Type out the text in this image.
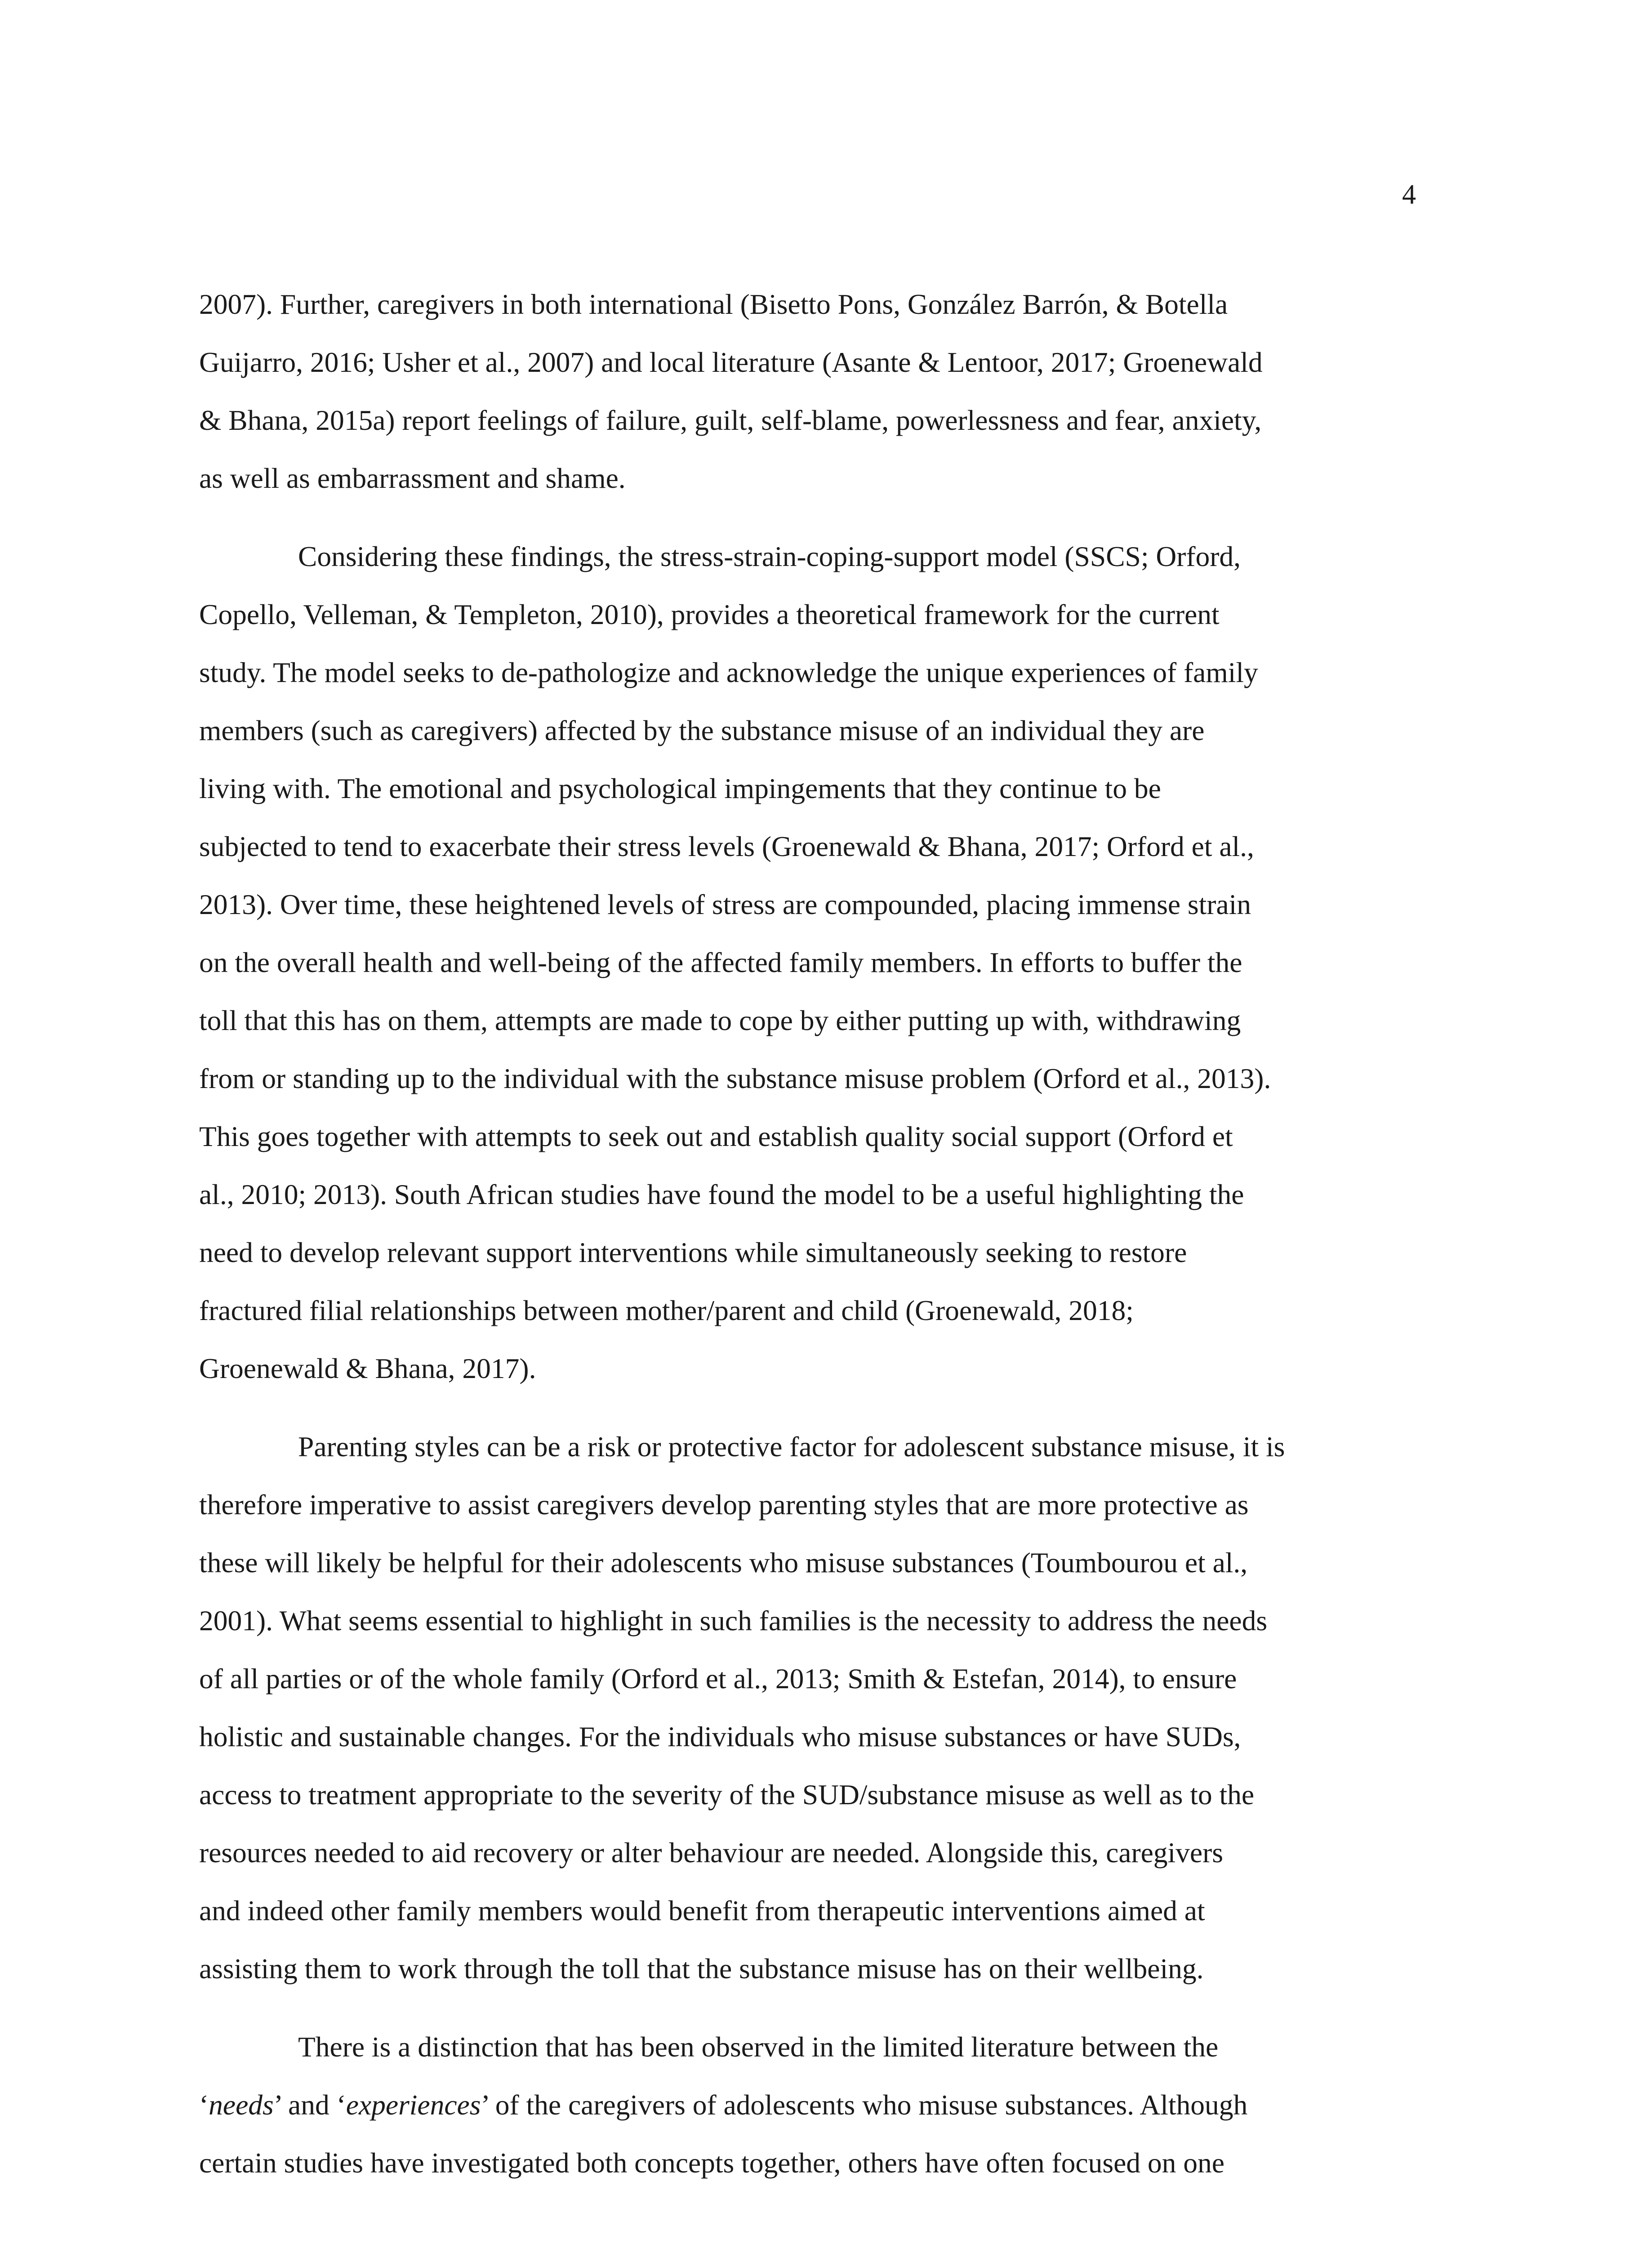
4

2007). Further, caregivers in both international (Bisetto Pons, González Barrón, & Botella
Guijarro, 2016; Usher et al., 2007) and local literature (Asante & Lentoor, 2017; Groenewald
& Bhana, 2015a) report feelings of failure, guilt, self-blame, powerlessness and fear, anxiety,
as well as embarrassment and shame.

Considering these findings, the stress-strain-coping-support model (SSCS; Orford,
Copello, Velleman, & Templeton, 2010), provides a theoretical framework for the current
study. The model seeks to de-pathologize and acknowledge the unique experiences of family
members (such as caregivers) affected by the substance misuse of an individual they are
living with. The emotional and psychological impingements that they continue to be
subjected to tend to exacerbate their stress levels (Groenewald & Bhana, 2017; Orford et al.,
2013). Over time, these heightened levels of stress are compounded, placing immense strain
on the overall health and well-being of the affected family members. In efforts to buffer the
toll that this has on them, attempts are made to cope by either putting up with, withdrawing
from or standing up to the individual with the substance misuse problem (Orford et al., 2013).
This goes together with attempts to seek out and establish quality social support (Orford et
al., 2010; 2013). South African studies have found the model to be a useful highlighting the
need to develop relevant support interventions while simultaneously seeking to restore
fractured filial relationships between mother/parent and child (Groenewald, 2018;
Groenewald & Bhana, 2017).

Parenting styles can be a risk or protective factor for adolescent substance misuse, it is
therefore imperative to assist caregivers develop parenting styles that are more protective as
these will likely be helpful for their adolescents who misuse substances (Toumbourou et al.,
2001). What seems essential to highlight in such families is the necessity to address the needs
of all parties or of the whole family (Orford et al., 2013; Smith & Estefan, 2014), to ensure
holistic and sustainable changes. For the individuals who misuse substances or have SUDs,
access to treatment appropriate to the severity of the SUD/substance misuse as well as to the
resources needed to aid recovery or alter behaviour are needed. Alongside this, caregivers
and indeed other family members would benefit from therapeutic interventions aimed at
assisting them to work through the toll that the substance misuse has on their wellbeing.

There is a distinction that has been observed in the limited literature between the
‘needs’ and ‘experiences’ of the caregivers of adolescents who misuse substances. Although
certain studies have investigated both concepts together, others have often focused on one
